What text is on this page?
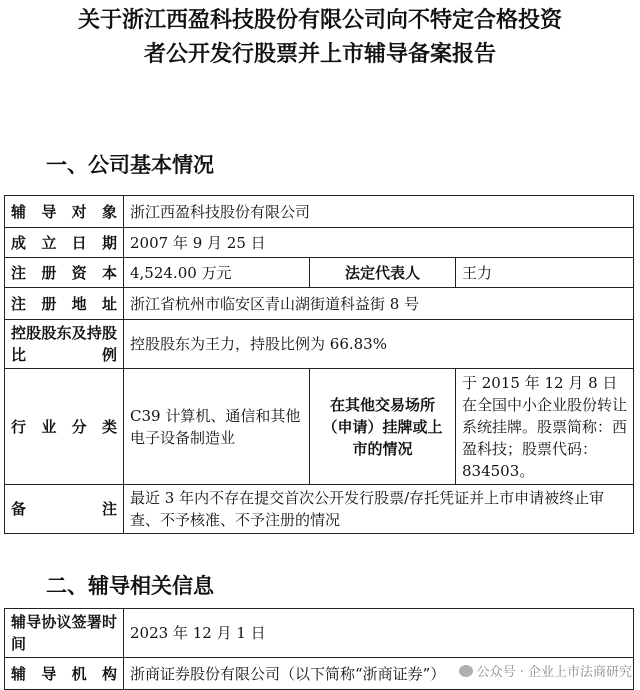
关于浙江西盈科技股份有限公司向不特定合格投资
者公开发行股票并上市辅导备案报告
一、公司基本情况
辅导对象	浙江西盈科技股份有限公司		
成立日期	2007 年 9 月 25 日		
注册资本	4,524.00 万元	法定代表人	王力
注册地址	浙江省杭州市临安区青山湖街道科益街 8 号		
控股股东及持股比例	控股股东为王力，持股比例为 66.83%		
行业分类	C39 计算机、通信和其他电子设备制造业	在其他交易场所（申请）挂牌或上市的情况	于 2015 年 12 月 8 日在全国中小企业股份转让系统挂牌。股票简称：西盈科技；股票代码：834503。
备注	最近 3 年内不存在提交首次公开发行股票/存托凭证并上市申请被终止审查、不予核准、不予注册的情况		
二、辅导相关信息
辅导协议签署时间	2023 年 12 月 1 日
辅导机构	浙商证券股份有限公司（以下简称“浙商证券”）	公众号 · 企业上市法商研究
